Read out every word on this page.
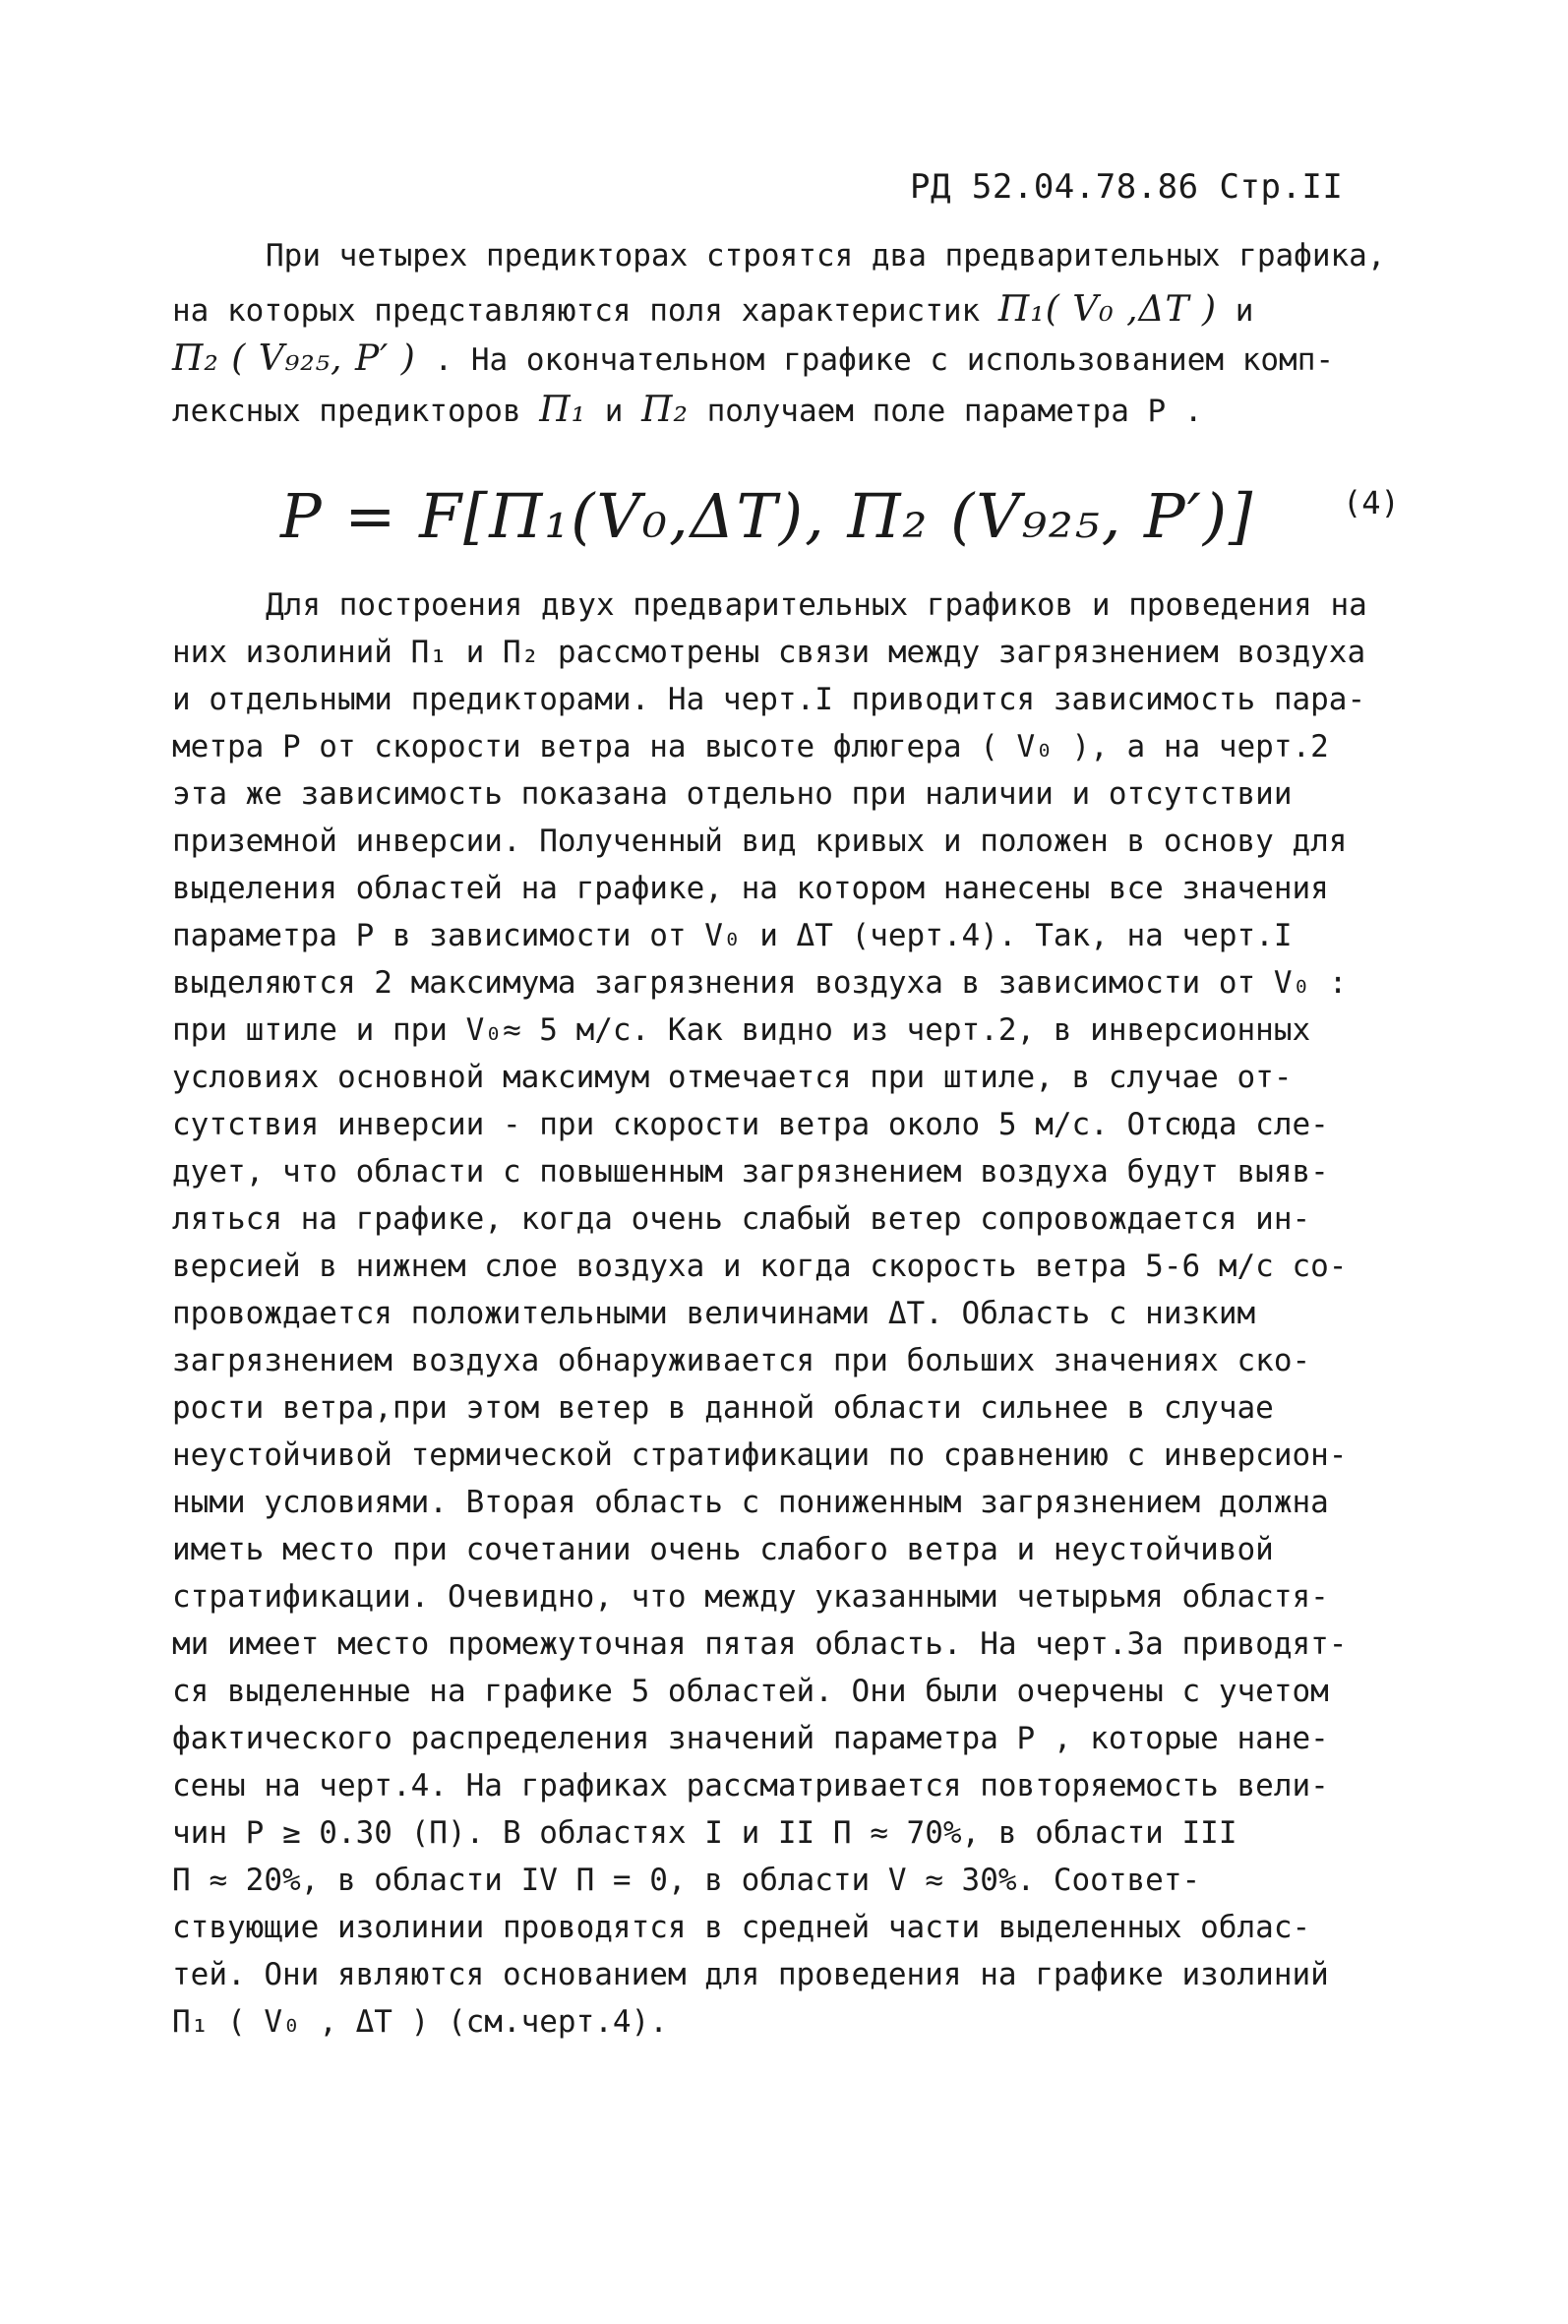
РД 52.04.78.86 Стр.II
При четырех предикторах строятся два предварительных графика,
на которых представляются поля характеристик Π₁( V₀ ,ΔT ) и
Π₂ ( V₉₂₅, P′ ) . На окончательном графике с использованием комп-
лексных предикторов Π₁ и Π₂ получаем поле параметра P .
P = F[Π₁(V₀,ΔT), Π₂ (V₉₂₅, P′)]	(4)
Для построения двух предварительных графиков и проведения на
них изолиний Π₁ и Π₂ рассмотрены связи между загрязнением воздуха
и отдельными предикторами. На черт.I приводится зависимость пара-
метра P от скорости ветра на высоте флюгера ( V₀ ), а на черт.2
эта же зависимость показана отдельно при наличии и отсутствии
приземной инверсии. Полученный вид кривых и положен в основу для
выделения областей на графике, на котором нанесены все значения
параметра P в зависимости от V₀ и ΔT (черт.4). Так, на черт.I
выделяются 2 максимума загрязнения воздуха в зависимости от V₀ :
при штиле и при V₀≈ 5 м/с. Как видно из черт.2, в инверсионных
условиях основной максимум отмечается при штиле, в случае от-
сутствия инверсии - при скорости ветра около 5 м/с. Отсюда сле-
дует, что области с повышенным загрязнением воздуха будут выяв-
ляться на графике, когда очень слабый ветер сопровождается ин-
версией в нижнем слое воздуха и когда скорость ветра 5-6 м/с со-
провождается положительными величинами ΔT. Область с низким
загрязнением воздуха обнаруживается при больших значениях ско-
рости ветра,при этом ветер в данной области сильнее в случае
неустойчивой термической стратификации по сравнению с инверсион-
ными условиями. Вторая область с пониженным загрязнением должна
иметь место при сочетании очень слабого ветра и неустойчивой
стратификации. Очевидно, что между указанными четырьмя областя-
ми имеет место промежуточная пятая область. На черт.3а приводят-
ся выделенные на графике 5 областей. Они были очерчены с учетом
фактического распределения значений параметра P , которые нане-
сены на черт.4. На графиках рассматривается повторяемость вели-
чин P ≥ 0.30 (П). В областях I и II П ≈ 70%, в области III
П ≈ 20%, в области IV П = 0, в области V ≈ 30%. Соответ-
ствующие изолинии проводятся в средней части выделенных облас-
тей. Они являются основанием для проведения на графике изолиний
Π₁ ( V₀ , ΔT ) (см.черт.4).
